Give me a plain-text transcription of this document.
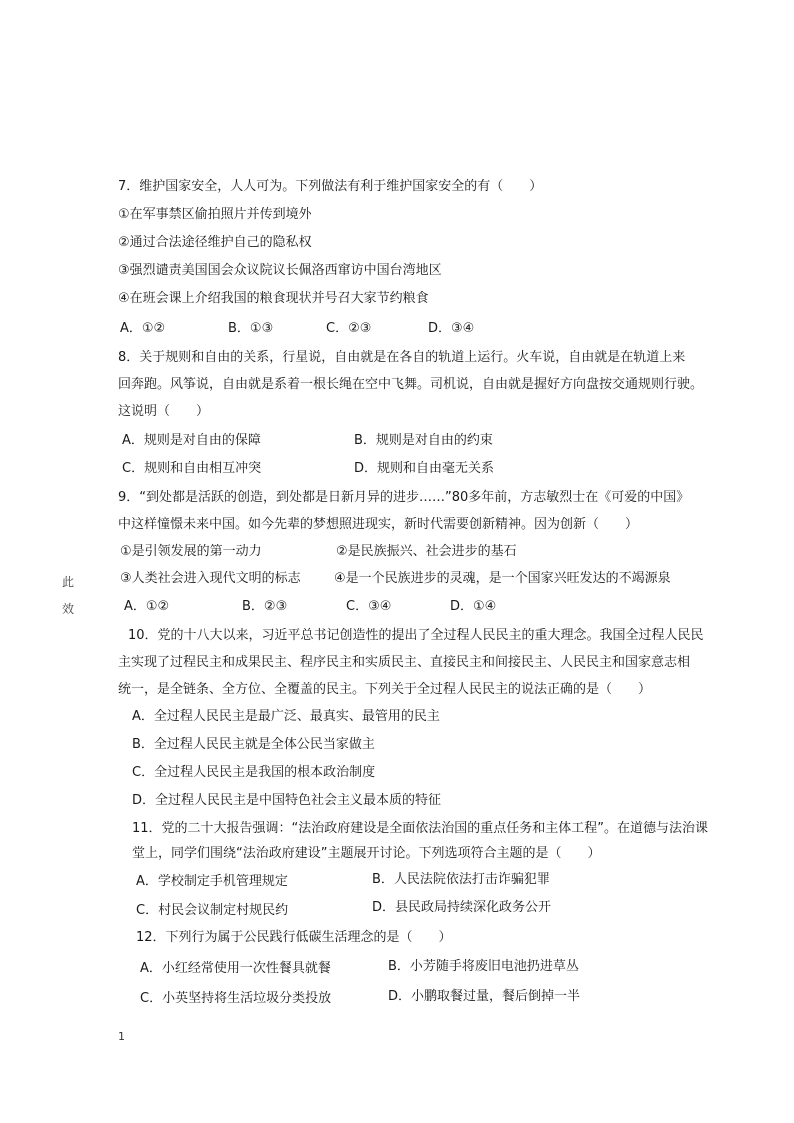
7．维护国家安全，人人可为。下列做法有利于维护国家安全的有（　　）
①在军事禁区偷拍照片并传到境外
②通过合法途径维护自己的隐私权
③强烈谴责美国国会众议院议长佩洛西窜访中国台湾地区
④在班会课上介绍我国的粮食现状并号召大家节约粮食
A．①②	B．①③	C．②③	D．③④
8．关于规则和自由的关系，行星说，自由就是在各自的轨道上运行。火车说，自由就是在轨道上来
回奔跑。风筝说，自由就是系着一根长绳在空中飞舞。司机说，自由就是握好方向盘按交通规则行驶。
这说明（　　）
A．规则是对自由的保障	B．规则是对自由的约束
C．规则和自由相互冲突	D．规则和自由毫无关系
9．“到处都是活跃的创造，到处都是日新月异的进步……”80多年前，方志敏烈士在《可爱的中国》
中这样憧憬未来中国。如今先辈的梦想照进现实，新时代需要创新精神。因为创新（　　）
①是引领发展的第一动力	②是民族振兴、社会进步的基石
③人类社会进入现代文明的标志	④是一个民族进步的灵魂，是一个国家兴旺发达的不竭源泉
A．①②	B．②③	C．③④	D．①④
10．党的十八大以来，习近平总书记创造性的提出了全过程人民民主的重大理念。我国全过程人民民
主实现了过程民主和成果民主、程序民主和实质民主、直接民主和间接民主、人民民主和国家意志相
统一，是全链条、全方位、全覆盖的民主。下列关于全过程人民民主的说法正确的是（　　）
A．全过程人民民主是最广泛、最真实、最管用的民主
B．全过程人民民主就是全体公民当家做主
C．全过程人民民主是我国的根本政治制度
D．全过程人民民主是中国特色社会主义最本质的特征
11．党的二十大报告强调：“法治政府建设是全面依法治国的重点任务和主体工程”。在道德与法治课
堂上，同学们围绕“法治政府建设”主题展开讨论。下列选项符合主题的是（　　）
A．学校制定手机管理规定	B．人民法院依法打击诈骗犯罪
C．村民会议制定村规民约	D．县民政局持续深化政务公开
12．下列行为属于公民践行低碳生活理念的是（　　）
A．小红经常使用一次性餐具就餐	B．小芳随手将废旧电池扔进草丛
C．小英坚持将生活垃圾分类投放	D．小鹏取餐过量，餐后倒掉一半
此
效
1
